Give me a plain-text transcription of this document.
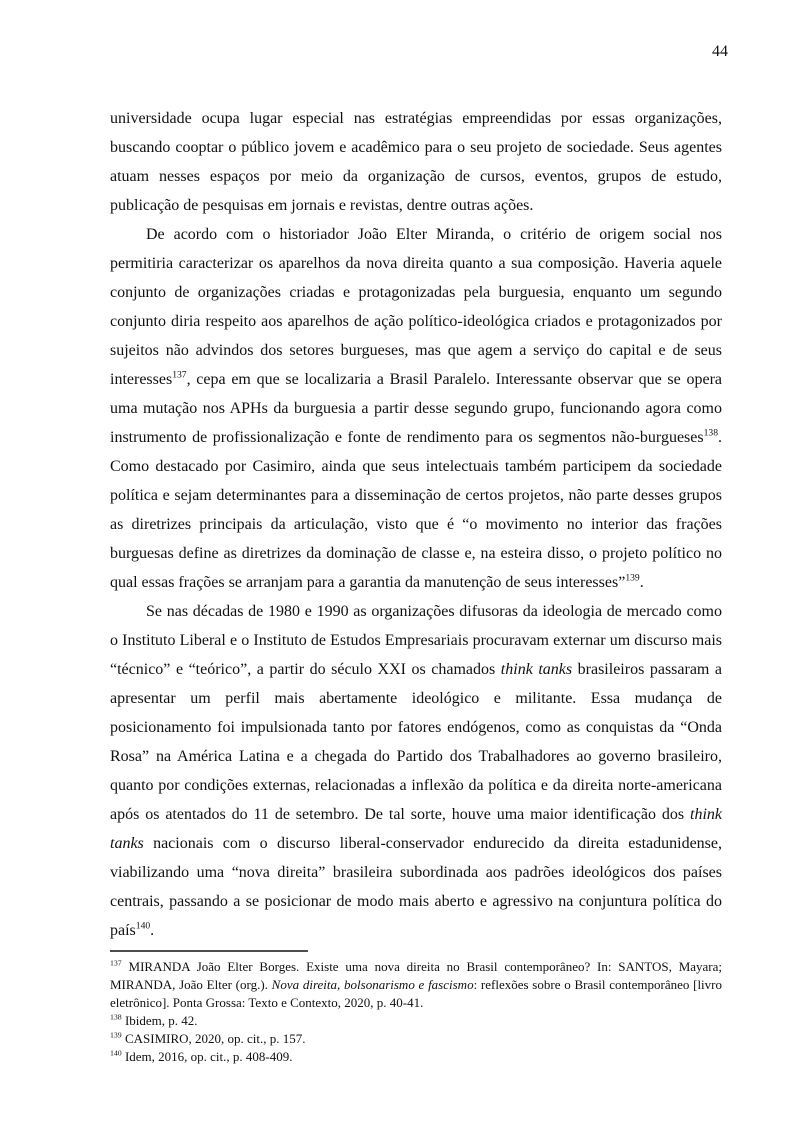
44

universidade ocupa lugar especial nas estratégias empreendidas por essas organizações, buscando cooptar o público jovem e acadêmico para o seu projeto de sociedade. Seus agentes atuam nesses espaços por meio da organização de cursos, eventos, grupos de estudo, publicação de pesquisas em jornais e revistas, dentre outras ações.

De acordo com o historiador João Elter Miranda, o critério de origem social nos permitiria caracterizar os aparelhos da nova direita quanto a sua composição. Haveria aquele conjunto de organizações criadas e protagonizadas pela burguesia, enquanto um segundo conjunto diria respeito aos aparelhos de ação político-ideológica criados e protagonizados por sujeitos não advindos dos setores burgueses, mas que agem a serviço do capital e de seus interesses$^{137}$, cepa em que se localizaria a Brasil Paralelo. Interessante observar que se opera uma mutação nos APHs da burguesia a partir desse segundo grupo, funcionando agora como instrumento de profissionalização e fonte de rendimento para os segmentos não-burgueses$^{138}$. Como destacado por Casimiro, ainda que seus intelectuais também participem da sociedade política e sejam determinantes para a disseminação de certos projetos, não parte desses grupos as diretrizes principais da articulação, visto que é “o movimento no interior das frações burguesas define as diretrizes da dominação de classe e, na esteira disso, o projeto político no qual essas frações se arranjam para a garantia da manutenção de seus interesses”$^{139}$.

Se nas décadas de 1980 e 1990 as organizações difusoras da ideologia de mercado como o Instituto Liberal e o Instituto de Estudos Empresariais procuravam externar um discurso mais “técnico” e “teórico”, a partir do século XXI os chamados think tanks brasileiros passaram a apresentar um perfil mais abertamente ideológico e militante. Essa mudança de posicionamento foi impulsionada tanto por fatores endógenos, como as conquistas da “Onda Rosa” na América Latina e a chegada do Partido dos Trabalhadores ao governo brasileiro, quanto por condições externas, relacionadas a inflexão da política e da direita norte-americana após os atentados do 11 de setembro. De tal sorte, houve uma maior identificação dos think tanks nacionais com o discurso liberal-conservador endurecido da direita estadunidense, viabilizando uma “nova direita” brasileira subordinada aos padrões ideológicos dos países centrais, passando a se posicionar de modo mais aberto e agressivo na conjuntura política do país$^{140}$.

$^{137}$ MIRANDA João Elter Borges. Existe uma nova direita no Brasil contemporâneo? In: SANTOS, Mayara; MIRANDA, João Elter (org.). Nova direita, bolsonarismo e fascismo: reflexões sobre o Brasil contemporâneo [livro eletrônico]. Ponta Grossa: Texto e Contexto, 2020, p. 40-41.

$^{138}$ Ibidem, p. 42.

$^{139}$ CASIMIRO, 2020, op. cit., p. 157.

$^{140}$ Idem, 2016, op. cit., p. 408-409.
